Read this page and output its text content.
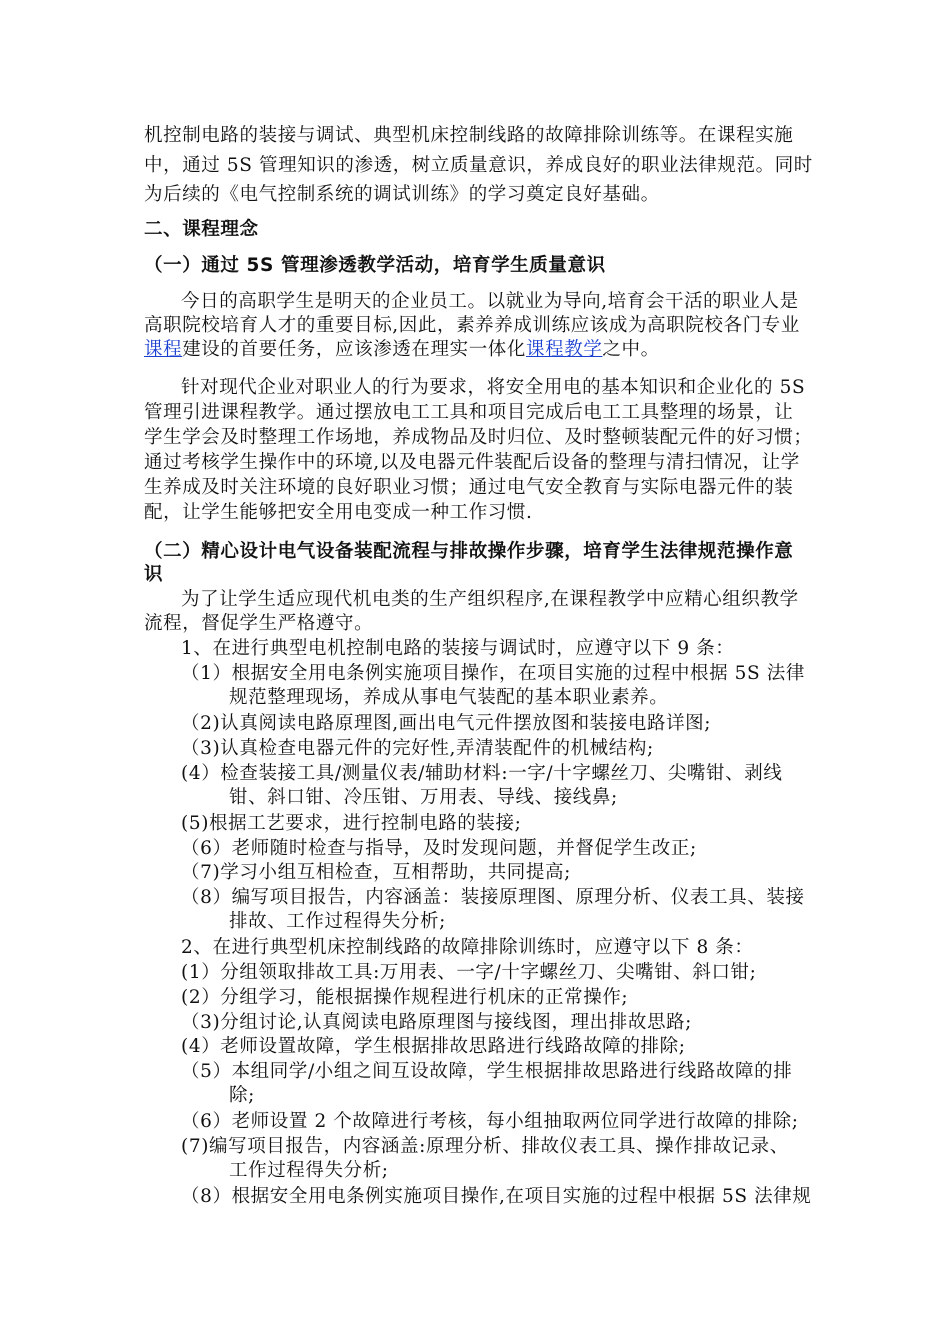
机控制电路的装接与调试、典型机床控制线路的故障排除训练等。在课程实施
中，通过 5S 管理知识的渗透，树立质量意识，养成良好的职业法律规范。同时
为后续的《电气控制系统的调试训练》的学习奠定良好基础。
二、课程理念
（一）通过 5S 管理渗透教学活动，培育学生质量意识
今日的高职学生是明天的企业员工。以就业为导向,培育会干活的职业人是
高职院校培育人才的重要目标,因此，素养养成训练应该成为高职院校各门专业
课程建设的首要任务，应该渗透在理实一体化课程教学之中。
针对现代企业对职业人的行为要求，将安全用电的基本知识和企业化的 5S
管理引进课程教学。通过摆放电工工具和项目完成后电工工具整理的场景，让
学生学会及时整理工作场地，养成物品及时归位、及时整顿装配元件的好习惯；
通过考核学生操作中的环境,以及电器元件装配后设备的整理与清扫情况，让学
生养成及时关注环境的良好职业习惯；通过电气安全教育与实际电器元件的装
配，让学生能够把安全用电变成一种工作习惯.
（二）精心设计电气设备装配流程与排故操作步骤，培育学生法律规范操作意
识
为了让学生适应现代机电类的生产组织程序,在课程教学中应精心组织教学
流程，督促学生严格遵守。
1、在进行典型电机控制电路的装接与调试时，应遵守以下 9 条：
（1）根据安全用电条例实施项目操作，在项目实施的过程中根据 5S 法律
规范整理现场，养成从事电气装配的基本职业素养。
（2)认真阅读电路原理图,画出电气元件摆放图和装接电路详图;
（3)认真检查电器元件的完好性,弄清装配件的机械结构;
(4）检查装接工具/测量仪表/辅助材料:一字/十字螺丝刀、尖嘴钳、剥线
钳、斜口钳、冷压钳、万用表、导线、接线鼻;
(5)根据工艺要求，进行控制电路的装接;
（6）老师随时检查与指导，及时发现问题，并督促学生改正;
（7)学习小组互相检查，互相帮助，共同提高;
（8）编写项目报告，内容涵盖：装接原理图、原理分析、仪表工具、装接
排故、工作过程得失分析;
2、在进行典型机床控制线路的故障排除训练时，应遵守以下 8 条：
(1）分组领取排故工具:万用表、一字/十字螺丝刀、尖嘴钳、斜口钳;
(2）分组学习，能根据操作规程进行机床的正常操作;
（3)分组讨论,认真阅读电路原理图与接线图，理出排故思路;
(4）老师设置故障，学生根据排故思路进行线路故障的排除;
（5）本组同学/小组之间互设故障，学生根据排故思路进行线路故障的排
除;
（6）老师设置 2 个故障进行考核，每小组抽取两位同学进行故障的排除;
(7)编写项目报告，内容涵盖:原理分析、排故仪表工具、操作排故记录、
工作过程得失分析;
（8）根据安全用电条例实施项目操作,在项目实施的过程中根据 5S 法律规
